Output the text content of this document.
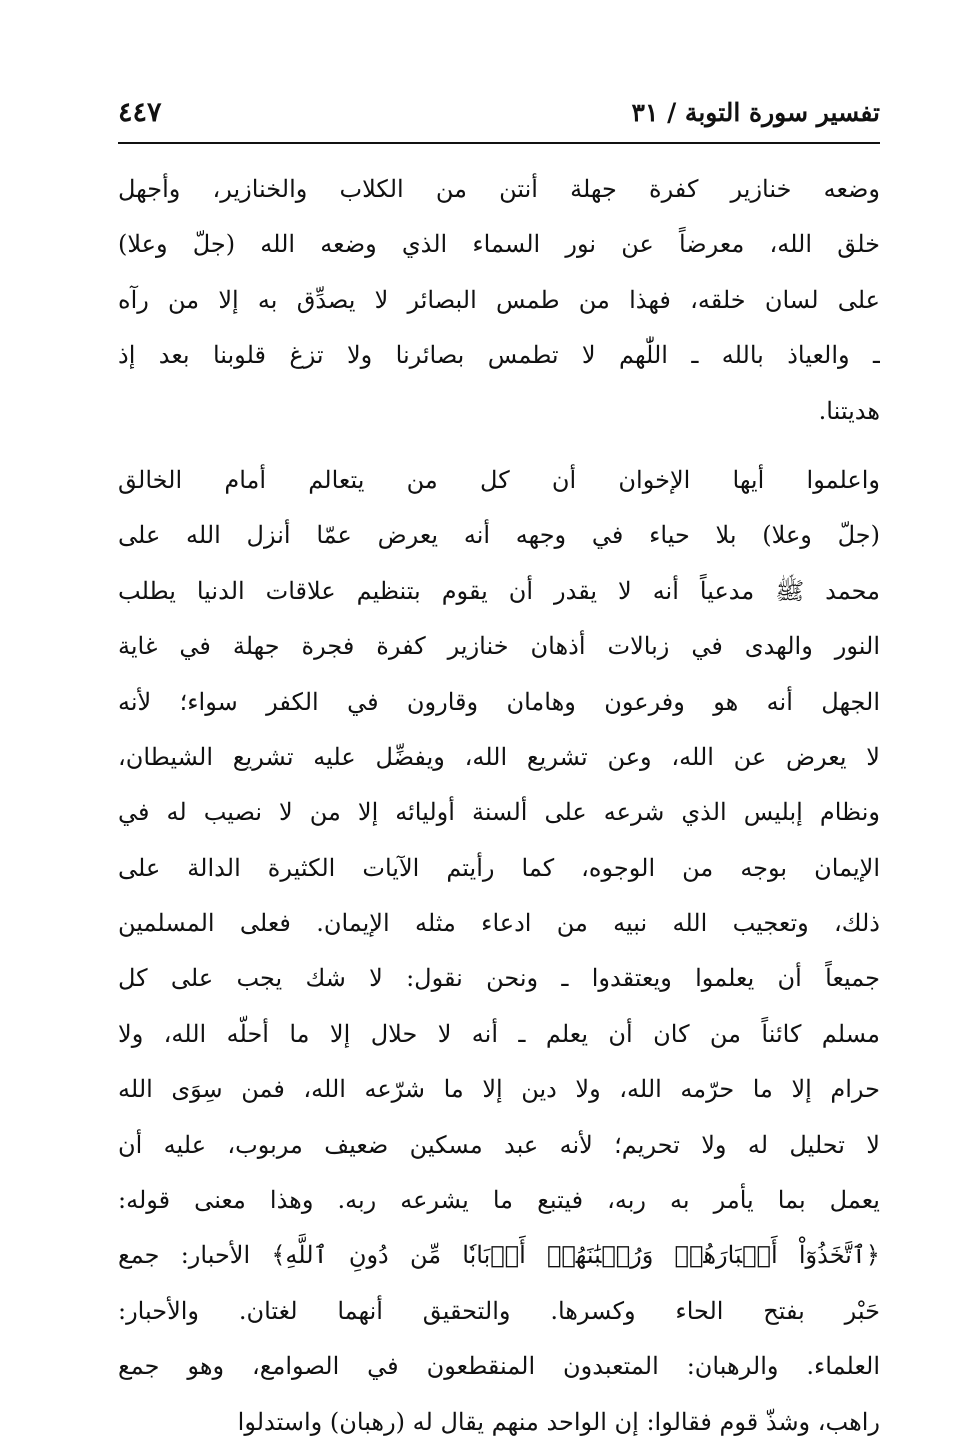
تفسير سورة التوبة / ٣١
٤٤٧
وضعه خنازير كفرة جهلة أنتن من الكلاب والخنازير، وأجهل
خلق الله، معرضاً عن نور السماء الذي وضعه الله (جلّ وعلا)
على لسان خلقه، فهذا من طمس البصائر لا يصدِّق به إلا من رآه
ـ والعياذ بالله ـ اللّٰهم لا تطمس بصائرنا ولا تزغ قلوبنا بعد إذ
هديتنا.
واعلموا أيها الإخوان أن كل من يتعالم أمام الخالق
(جلّ وعلا) بلا حياء في وجهه أنه يعرض عمّا أنزل الله على
محمد ﷺ مدعياً أنه لا يقدر أن يقوم بتنظيم علاقات الدنيا يطلب
النور والهدى في زبالات أذهان خنازير كفرة فجرة جهلة في غاية
الجهل أنه هو وفرعون وهامان وقارون في الكفر سواء؛ لأنه
لا يعرض عن الله، وعن تشريع الله، ويفضِّل عليه تشريع الشيطان،
ونظام إبليس الذي شرعه على ألسنة أوليائه إلا من لا نصيب له في
الإيمان بوجه من الوجوه، كما رأيتم الآيات الكثيرة الدالة على
ذلك، وتعجيب الله نبيه من ادعاء مثله الإيمان. فعلى المسلمين
جميعاً أن يعلموا ويعتقدوا ـ ونحن نقول: لا شك يجب على كل
مسلم كائناً من كان أن يعلم ـ أنه لا حلال إلا ما أحلّه الله، ولا
حرام إلا ما حرّمه الله، ولا دين إلا ما شرّعه الله، فمن سِوَى الله
لا تحليل له ولا تحريم؛ لأنه عبد مسكين ضعيف مربوب، عليه أن
يعمل بما يأمر به ربه، فيتبع ما يشرعه ربه. وهذا معنى قوله:
﴿ٱتَّخَذُوٓاْ أَحۡبَارَهُمۡ وَرُهۡبَٰنَهُمۡ أَرۡبَابٗا مِّن دُونِ ٱللَّهِ﴾ الأحبار: جمع
حَبْر بفتح الحاء وكسرها. والتحقيق أنهما لغتان. والأحبار:
العلماء. والرهبان: المتعبدون المنقطعون في الصوامع، وهو جمع
راهب، وشذّ قوم فقالوا: إن الواحد منهم يقال له (رهبان) واستدلوا
